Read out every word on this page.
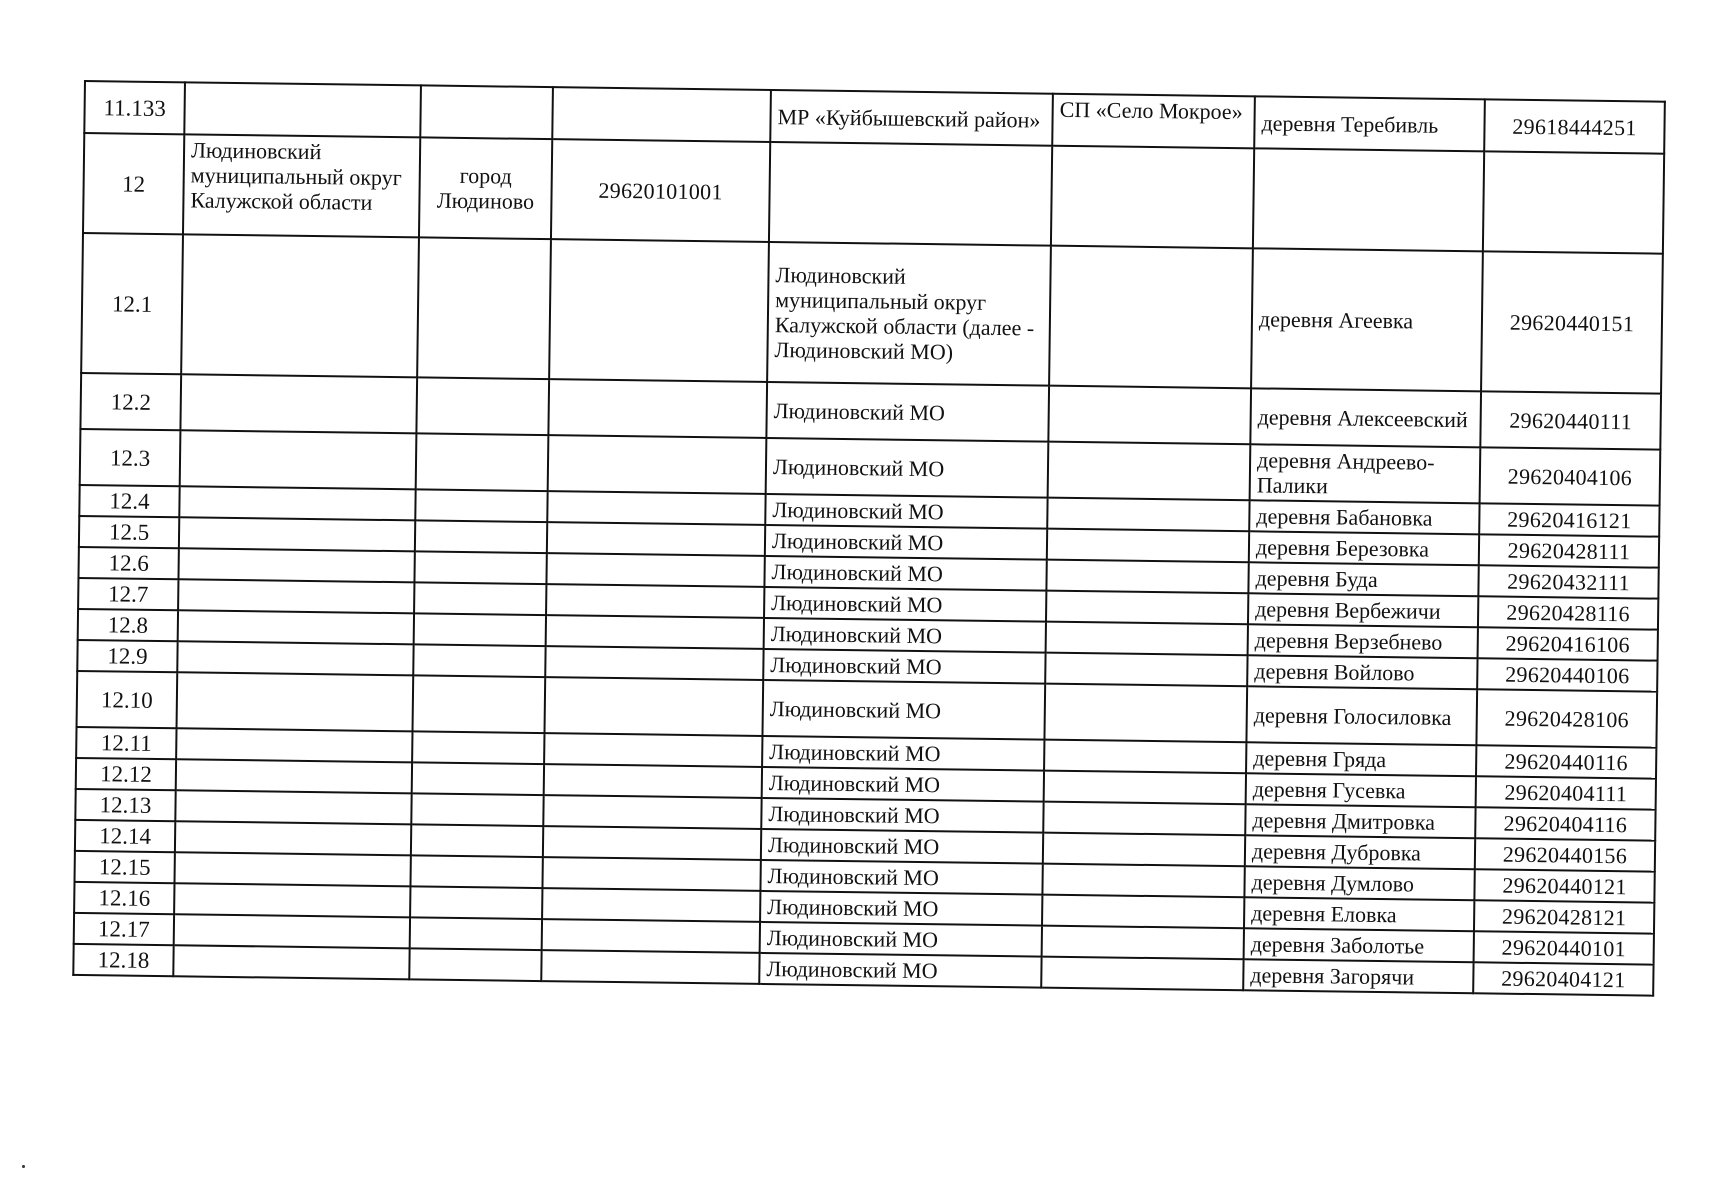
11.133				МР «Куйбышевский район»	СП «Село Мокрое»	деревня Теребивль	29618444251
12	Людиновский муниципальный округ Калужской области	город Людиново	29620101001				
12.1				Людиновский муниципальный округ Калужской области (далее - Людиновский МО)		деревня Агеевка	29620440151
12.2				Людиновский МО		деревня Алексеевский	29620440111
12.3				Людиновский МО		деревня Андреево-Палики	29620404106
12.4				Людиновский МО		деревня Бабановка	29620416121
12.5				Людиновский МО		деревня Березовка	29620428111
12.6				Людиновский МО		деревня Буда	29620432111
12.7				Людиновский МО		деревня Вербежичи	29620428116
12.8				Людиновский МО		деревня Верзебнево	29620416106
12.9				Людиновский МО		деревня Войлово	29620440106
12.10				Людиновский МО		деревня Голосиловка	29620428106
12.11				Людиновский МО		деревня Гряда	29620440116
12.12				Людиновский МО		деревня Гусевка	29620404111
12.13				Людиновский МО		деревня Дмитровка	29620404116
12.14				Людиновский МО		деревня Дубровка	29620440156
12.15				Людиновский МО		деревня Думлово	29620440121
12.16				Людиновский МО		деревня Еловка	29620428121
12.17				Людиновский МО		деревня Заболотье	29620440101
12.18				Людиновский МО		деревня Загорячи	29620404121
